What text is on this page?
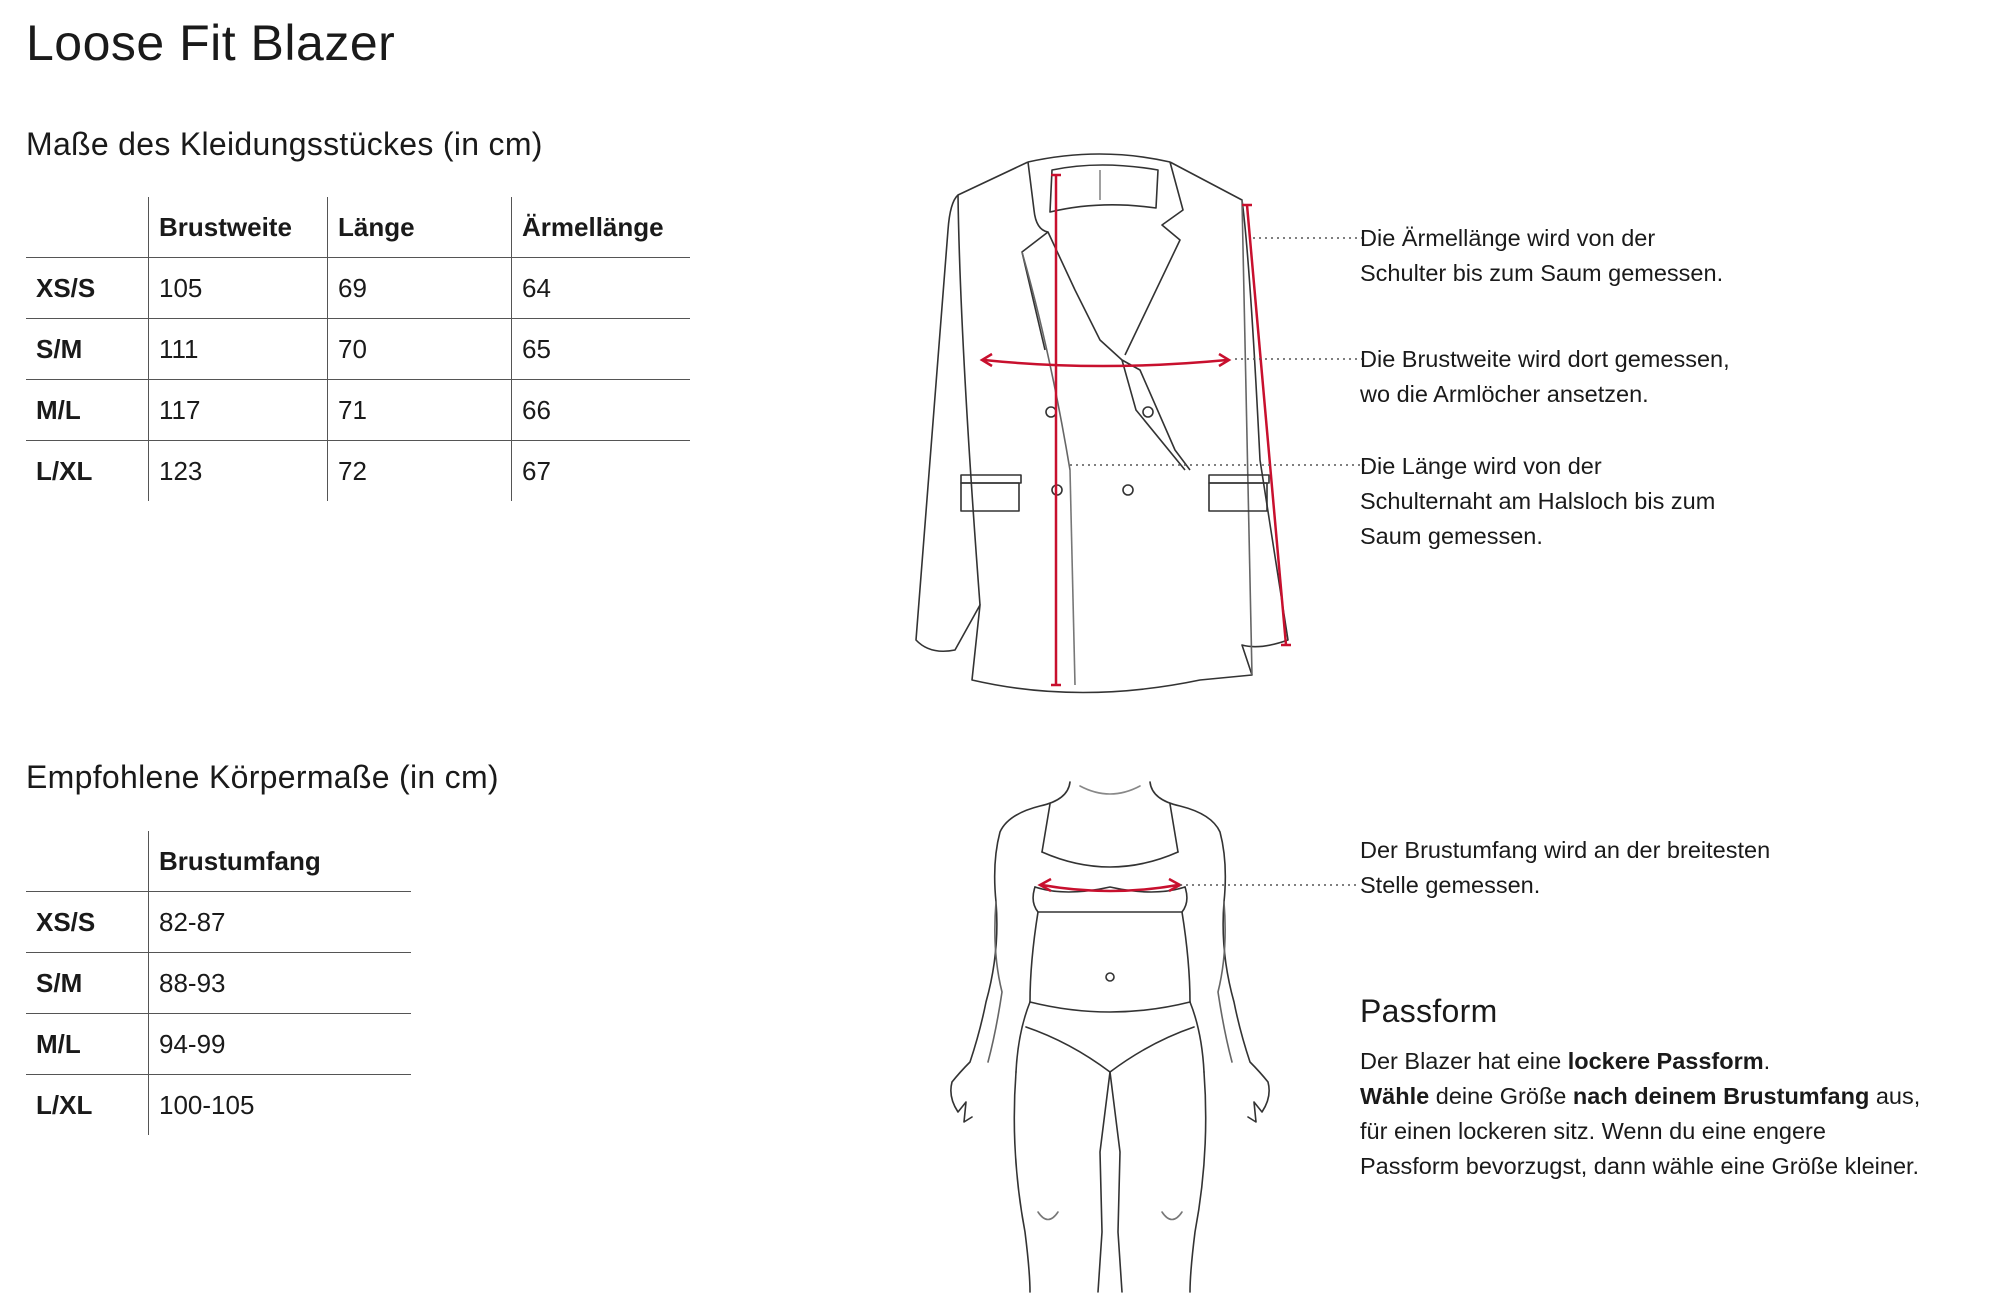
Loose Fit Blazer
Maße des Kleidungsstückes (in cm)
	Brustweite	Länge	Ärmellänge
XS/S	105	69	64
S/M	111	70	65
M/L	117	71	66
L/XL	123	72	67
Empfohlene Körpermaße (in cm)
	Brustumfang
XS/S	82-87
S/M	88-93
M/L	94-99
L/XL	100-105
Die Ärmellänge wird von der
Schulter bis zum Saum gemessen.
Die Brustweite wird dort gemessen,
wo die Armlöcher ansetzen.
Die Länge wird von der
Schulternaht am Halsloch bis zum
Saum gemessen.
Der Brustumfang wird an der breitesten
Stelle gemessen.
Passform
Der Blazer hat eine lockere Passform.
Wähle deine Größe nach deinem Brustumfang aus,
für einen lockeren sitz. Wenn du eine engere
Passform bevorzugst, dann wähle eine Größe kleiner.
